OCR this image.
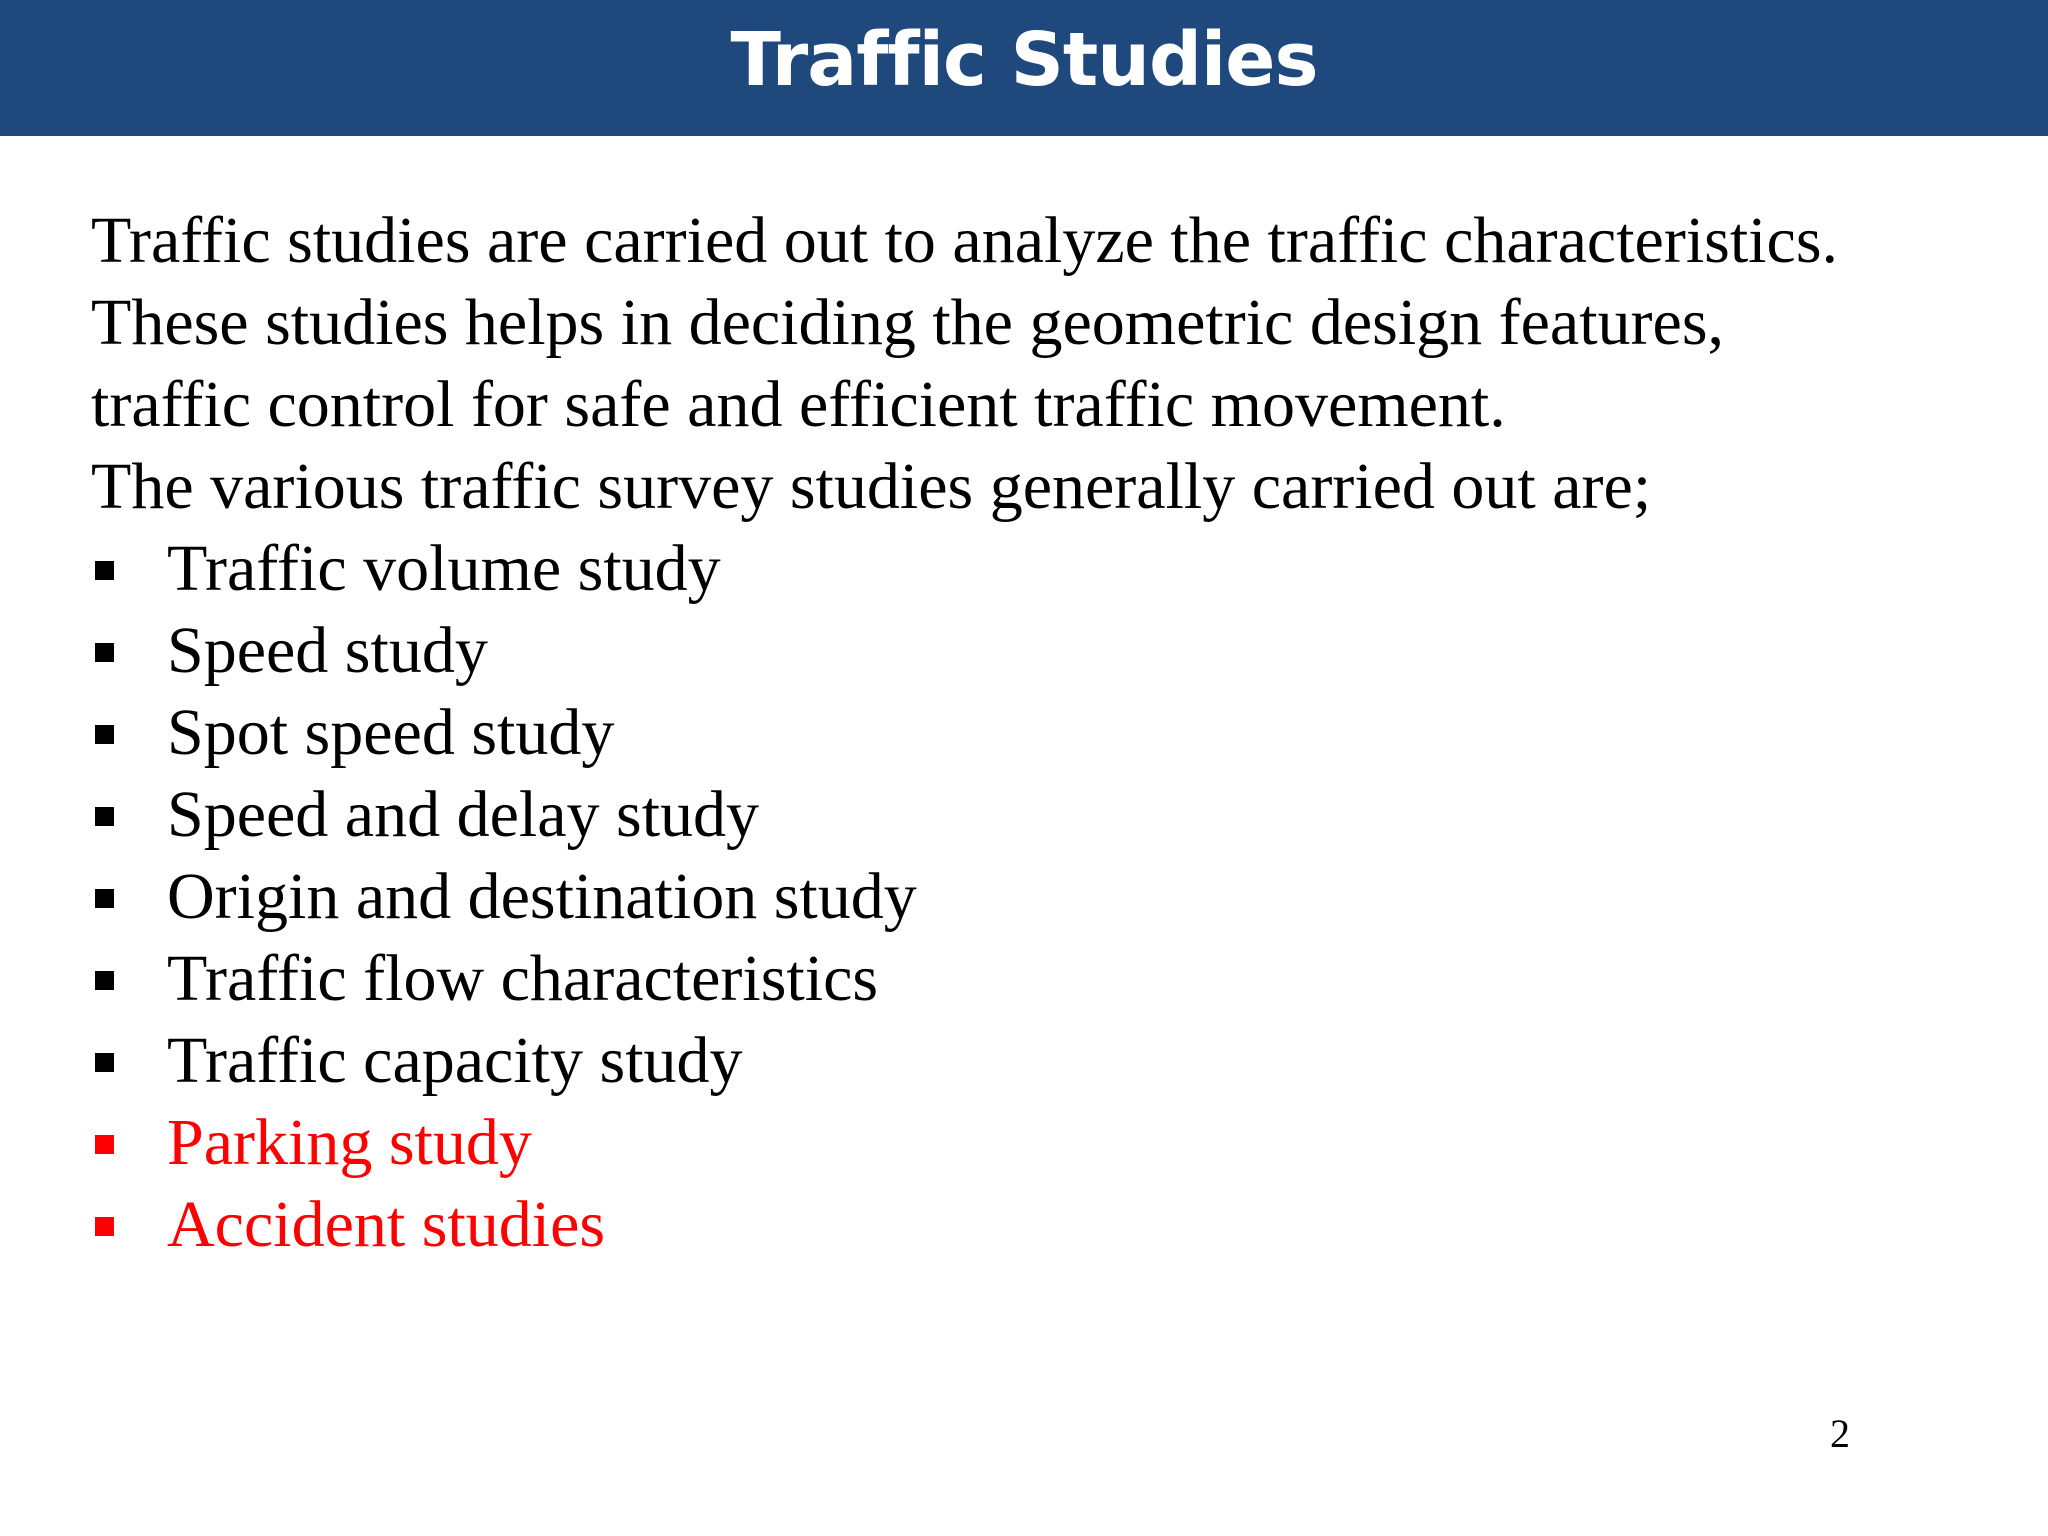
Traffic Studies
Traffic studies are carried out to analyze the traffic characteristics.
These studies helps in deciding the geometric design features,
traffic control for safe and efficient traffic movement.
The various traffic survey studies generally carried out are;
Traffic volume study
Speed study
Spot speed study
Speed and delay study
Origin and destination study
Traffic flow characteristics
Traffic capacity study
Parking study
Accident studies
2
